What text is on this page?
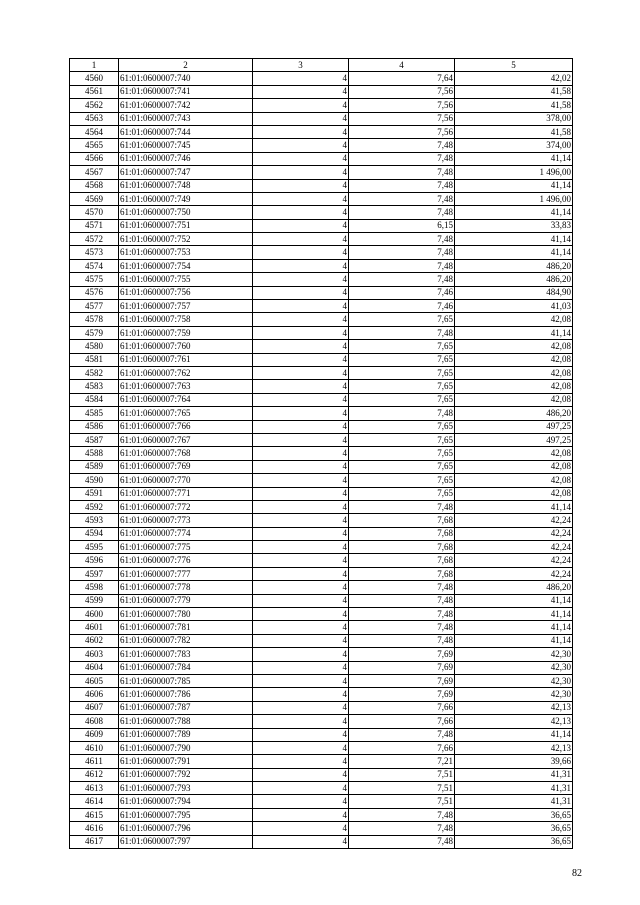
1	2	3	4	5
4560	61:01:0600007:740	4	7,64	42,02
4561	61:01:0600007:741	4	7,56	41,58
4562	61:01:0600007:742	4	7,56	41,58
4563	61:01:0600007:743	4	7,56	378,00
4564	61:01:0600007:744	4	7,56	41,58
4565	61:01:0600007:745	4	7,48	374,00
4566	61:01:0600007:746	4	7,48	41,14
4567	61:01:0600007:747	4	7,48	1 496,00
4568	61:01:0600007:748	4	7,48	41,14
4569	61:01:0600007:749	4	7,48	1 496,00
4570	61:01:0600007:750	4	7,48	41,14
4571	61:01:0600007:751	4	6,15	33,83
4572	61:01:0600007:752	4	7,48	41,14
4573	61:01:0600007:753	4	7,48	41,14
4574	61:01:0600007:754	4	7,48	486,20
4575	61:01:0600007:755	4	7,48	486,20
4576	61:01:0600007:756	4	7,46	484,90
4577	61:01:0600007:757	4	7,46	41,03
4578	61:01:0600007:758	4	7,65	42,08
4579	61:01:0600007:759	4	7,48	41,14
4580	61:01:0600007:760	4	7,65	42,08
4581	61:01:0600007:761	4	7,65	42,08
4582	61:01:0600007:762	4	7,65	42,08
4583	61:01:0600007:763	4	7,65	42,08
4584	61:01:0600007:764	4	7,65	42,08
4585	61:01:0600007:765	4	7,48	486,20
4586	61:01:0600007:766	4	7,65	497,25
4587	61:01:0600007:767	4	7,65	497,25
4588	61:01:0600007:768	4	7,65	42,08
4589	61:01:0600007:769	4	7,65	42,08
4590	61:01:0600007:770	4	7,65	42,08
4591	61:01:0600007:771	4	7,65	42,08
4592	61:01:0600007:772	4	7,48	41,14
4593	61:01:0600007:773	4	7,68	42,24
4594	61:01:0600007:774	4	7,68	42,24
4595	61:01:0600007:775	4	7,68	42,24
4596	61:01:0600007:776	4	7,68	42,24
4597	61:01:0600007:777	4	7,68	42,24
4598	61:01:0600007:778	4	7,48	486,20
4599	61:01:0600007:779	4	7,48	41,14
4600	61:01:0600007:780	4	7,48	41,14
4601	61:01:0600007:781	4	7,48	41,14
4602	61:01:0600007:782	4	7,48	41,14
4603	61:01:0600007:783	4	7,69	42,30
4604	61:01:0600007:784	4	7,69	42,30
4605	61:01:0600007:785	4	7,69	42,30
4606	61:01:0600007:786	4	7,69	42,30
4607	61:01:0600007:787	4	7,66	42,13
4608	61:01:0600007:788	4	7,66	42,13
4609	61:01:0600007:789	4	7,48	41,14
4610	61:01:0600007:790	4	7,66	42,13
4611	61:01:0600007:791	4	7,21	39,66
4612	61:01:0600007:792	4	7,51	41,31
4613	61:01:0600007:793	4	7,51	41,31
4614	61:01:0600007:794	4	7,51	41,31
4615	61:01:0600007:795	4	7,48	36,65
4616	61:01:0600007:796	4	7,48	36,65
4617	61:01:0600007:797	4	7,48	36,65
82
